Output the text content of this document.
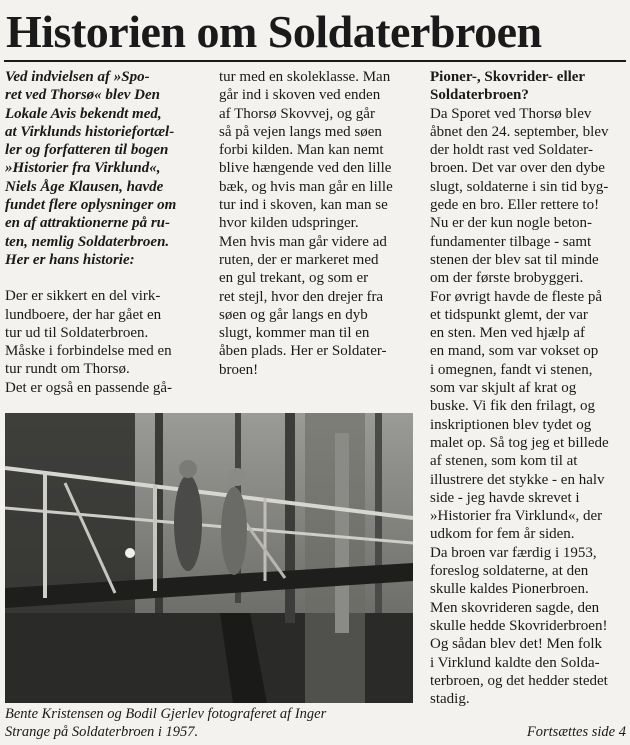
Historien om Soldaterbroen

Ved indvielsen af »Spo-

ret ved Thorsø« blev Den

Lokale Avis bekendt med,

at Virklunds historiefortæl-

ler og forfatteren til bogen

»Historier fra Virklund«,

Niels Åge Klausen, havde

fundet flere oplysninger om

en af attraktionerne på ru-

ten, nemlig Soldaterbroen.

Her er hans historie:

Der er sikkert en del virk-

lundboere, der har gået en

tur ud til Soldaterbroen.

Måske i forbindelse med en

tur rundt om Thorsø.

Det er også en passende gå-

tur med en skoleklasse. Man

går ind i skoven ved enden

af Thorsø Skovvej, og går

så på vejen langs med søen

forbi kilden. Man kan nemt

blive hængende ved den lille

bæk, og hvis man går en lille

tur ind i skoven, kan man se

hvor kilden udspringer.

Men hvis man går videre ad

ruten, der er markeret med

en gul trekant, og som er

ret stejl, hvor den drejer fra

søen og går langs en dyb

slugt, kommer man til en

åben plads. Her er Soldater-

broen!

Pioner-, Skovrider- eller

Soldaterbroen?

Da Sporet ved Thorsø blev

åbnet den 24. september, blev

der holdt rast ved Soldater-

broen. Det var over den dybe

slugt, soldaterne i sin tid byg-

gede en bro. Eller rettere to!

Nu er der kun nogle beton-

fundamenter tilbage - samt

stenen der blev sat til minde

om der første brobyggeri.

For øvrigt havde de fleste på

et tidspunkt glemt, der var

en sten. Men ved hjælp af

en mand, som var vokset op

i omegnen, fandt vi stenen,

som var skjult af krat og

buske. Vi fik den frilagt, og

inskriptionen blev tydet og

malet op. Så tog jeg et billede

af stenen, som kom til at

illustrere det stykke - en halv

side - jeg havde skrevet i

»Historier fra Virklund«, der

udkom for fem år siden.

Da broen var færdig i 1953,

foreslog soldaterne, at den

skulle kaldes Pionerbroen.

Men skovrideren sagde, den

skulle hedde Skovriderbroen!

Og sådan blev det! Men folk

i Virklund kaldte den Solda-

terbroen, og det hedder stedet

stadig.

Bente Kristensen og Bodil Gjerlev fotograferet af Inger
Strange på Soldaterbroen i 1957.	Fortsættes side 4
